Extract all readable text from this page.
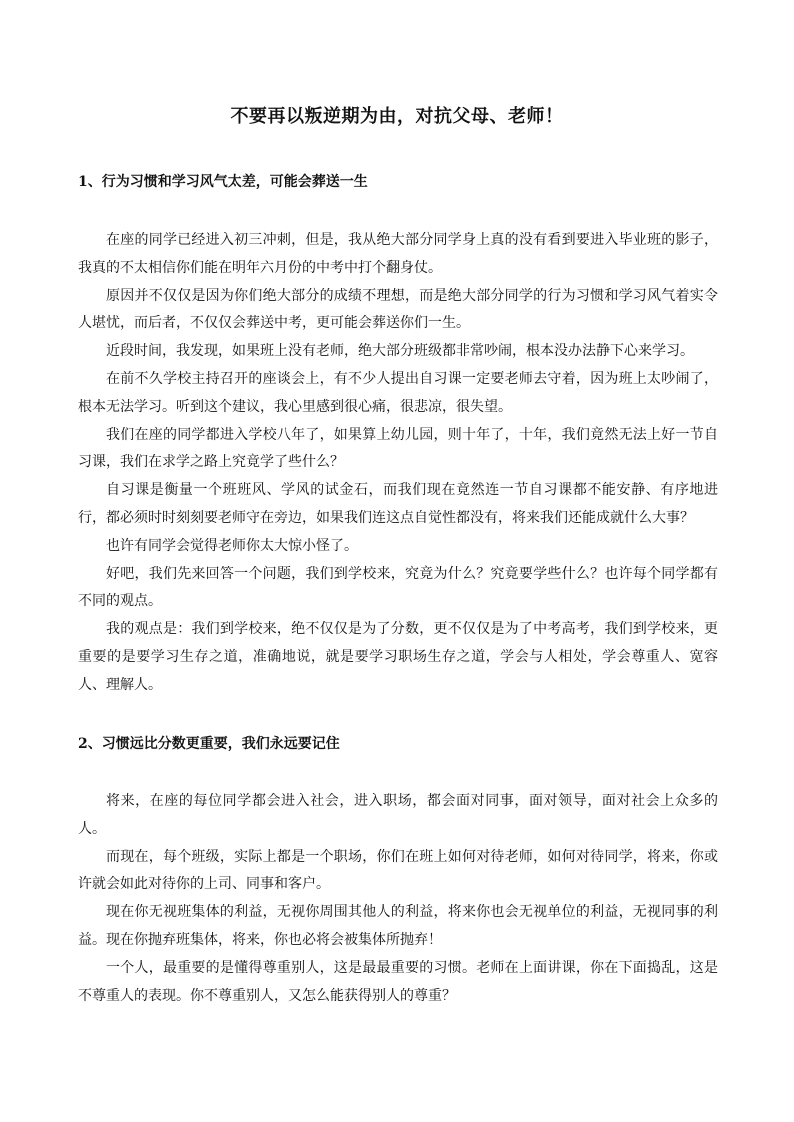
不要再以叛逆期为由，对抗父母、老师！
1、行为习惯和学习风气太差，可能会葬送一生

在座的同学已经进入初三冲刺，但是，我从绝大部分同学身上真的没有看到要进入毕业班的影子，我真的不太相信你们能在明年六月份的中考中打个翻身仗。

原因并不仅仅是因为你们绝大部分的成绩不理想，而是绝大部分同学的行为习惯和学习风气着实令人堪忧，而后者，不仅仅会葬送中考，更可能会葬送你们一生。

近段时间，我发现，如果班上没有老师，绝大部分班级都非常吵闹，根本没办法静下心来学习。

在前不久学校主持召开的座谈会上，有不少人提出自习课一定要老师去守着，因为班上太吵闹了，根本无法学习。听到这个建议，我心里感到很心痛，很悲凉，很失望。

我们在座的同学都进入学校八年了，如果算上幼儿园，则十年了，十年，我们竟然无法上好一节自习课，我们在求学之路上究竟学了些什么？

自习课是衡量一个班班风、学风的试金石，而我们现在竟然连一节自习课都不能安静、有序地进行，都必须时时刻刻要老师守在旁边，如果我们连这点自觉性都没有，将来我们还能成就什么大事？

也许有同学会觉得老师你太大惊小怪了。

好吧，我们先来回答一个问题，我们到学校来，究竟为什么？究竟要学些什么？也许每个同学都有不同的观点。

我的观点是：我们到学校来，绝不仅仅是为了分数，更不仅仅是为了中考高考，我们到学校来，更重要的是要学习生存之道，准确地说，就是要学习职场生存之道，学会与人相处，学会尊重人、宽容人、理解人。

2、习惯远比分数更重要，我们永远要记住

将来，在座的每位同学都会进入社会，进入职场，都会面对同事，面对领导，面对社会上众多的人。

而现在，每个班级，实际上都是一个职场，你们在班上如何对待老师，如何对待同学，将来，你或许就会如此对待你的上司、同事和客户。

现在你无视班集体的利益，无视你周围其他人的利益，将来你也会无视单位的利益，无视同事的利益。现在你抛弃班集体，将来，你也必将会被集体所抛弃！

一个人，最重要的是懂得尊重别人，这是最最重要的习惯。老师在上面讲课，你在下面捣乱，这是不尊重人的表现。你不尊重别人，又怎么能获得别人的尊重？
